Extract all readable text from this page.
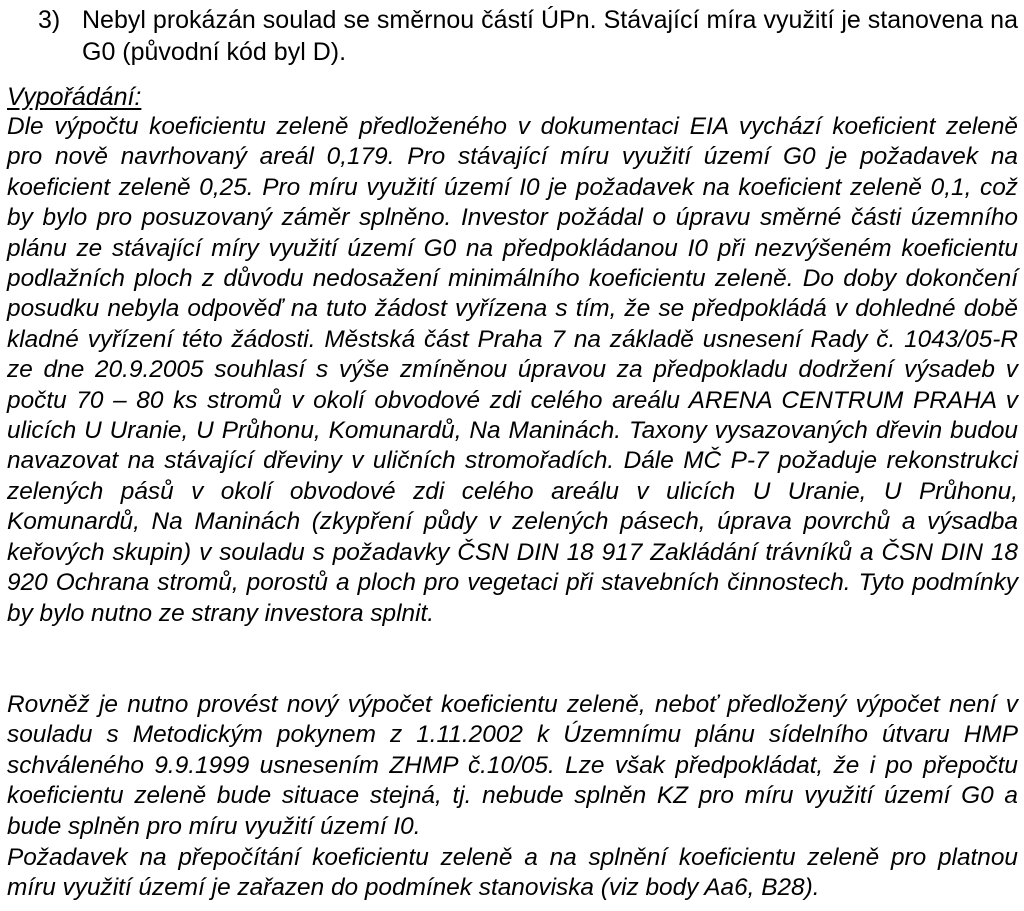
3) Nebyl prokázán soulad se směrnou částí ÚPn. Stávající míra využití je stanovena na G0 (původní kód byl D).
Vypořádání:

Dle výpočtu koeficientu zeleně předloženého v dokumentaci EIA vychází koeficient zeleně pro nově navrhovaný areál 0,179. Pro stávající míru využití území G0 je požadavek na koeficient zeleně 0,25. Pro míru využití území I0 je požadavek na koeficient zeleně 0,1, což by bylo pro posuzovaný záměr splněno. Investor požádal o úpravu směrné části územního plánu ze stávající míry využití území G0 na předpokládanou I0 při nezvýšeném koeficientu podlažních ploch z důvodu nedosažení minimálního koeficientu zeleně. Do doby dokončení posudku nebyla odpověď na tuto žádost vyřízena s tím, že se předpokládá v dohledné době kladné vyřízení této žádosti. Městská část Praha 7 na základě usnesení Rady č. 1043/05-R ze dne 20.9.2005 souhlasí s výše zmíněnou úpravou za předpokladu dodržení výsadeb v počtu 70 – 80 ks stromů v okolí obvodové zdi celého areálu ARENA CENTRUM PRAHA v ulicích U Uranie, U Průhonu, Komunardů, Na Maninách. Taxony vysazovaných dřevin budou navazovat na stávající dřeviny v uličních stromořadích. Dále MČ P-7 požaduje rekonstrukci zelených pásů v okolí obvodové zdi celého areálu v ulicích U Uranie, U Průhonu, Komunardů, Na Maninách (zkypření půdy v zelených pásech, úprava povrchů a výsadba keřových skupin) v souladu s požadavky ČSN DIN 18 917 Zakládání trávníků a ČSN DIN 18 920 Ochrana stromů, porostů a ploch pro vegetaci při stavebních činnostech. Tyto podmínky by bylo nutno ze strany investora splnit.

Rovněž je nutno provést nový výpočet koeficientu zeleně, neboť předložený výpočet není v souladu s Metodickým pokynem z 1.11.2002 k Územnímu plánu sídelního útvaru HMP schváleného 9.9.1999 usnesením ZHMP č.10/05. Lze však předpokládat, že i po přepočtu koeficientu zeleně bude situace stejná, tj. nebude splněn KZ pro míru využití území G0 a bude splněn pro míru využití území I0.

Požadavek na přepočítání koeficientu zeleně a na splnění koeficientu zeleně pro platnou míru využití území je zařazen do podmínek stanoviska (viz body Aa6, B28).
